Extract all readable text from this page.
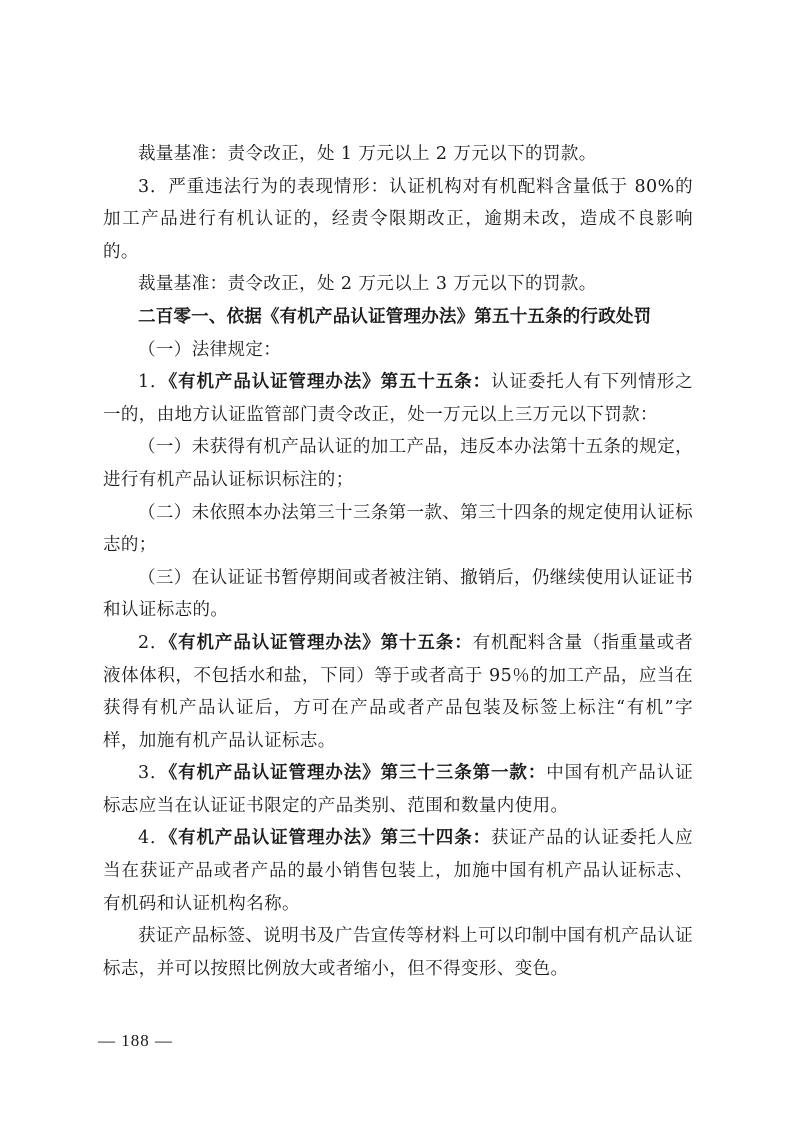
裁量基准：责令改正，处 1 万元以上 2 万元以下的罚款。

3．严重违法行为的表现情形：认证机构对有机配料含量低于 80%的加工产品进行有机认证的，经责令限期改正，逾期未改，造成不良影响的。

裁量基准：责令改正，处 2 万元以上 3 万元以下的罚款。

二百零一、依据《有机产品认证管理办法》第五十五条的行政处罚

（一）法律规定：

1．《有机产品认证管理办法》第五十五条：认证委托人有下列情形之一的，由地方认证监管部门责令改正，处一万元以上三万元以下罚款：

（一）未获得有机产品认证的加工产品，违反本办法第十五条的规定，进行有机产品认证标识标注的；

（二）未依照本办法第三十三条第一款、第三十四条的规定使用认证标志的；

（三）在认证证书暂停期间或者被注销、撤销后，仍继续使用认证证书和认证标志的。

2．《有机产品认证管理办法》第十五条：有机配料含量（指重量或者液体体积，不包括水和盐，下同）等于或者高于 95％的加工产品，应当在获得有机产品认证后，方可在产品或者产品包装及标签上标注“有机”字样，加施有机产品认证标志。

3．《有机产品认证管理办法》第三十三条第一款：中国有机产品认证标志应当在认证证书限定的产品类别、范围和数量内使用。

4．《有机产品认证管理办法》第三十四条：获证产品的认证委托人应当在获证产品或者产品的最小销售包装上，加施中国有机产品认证标志、有机码和认证机构名称。

获证产品标签、说明书及广告宣传等材料上可以印制中国有机产品认证标志，并可以按照比例放大或者缩小，但不得变形、变色。

— 188 —
